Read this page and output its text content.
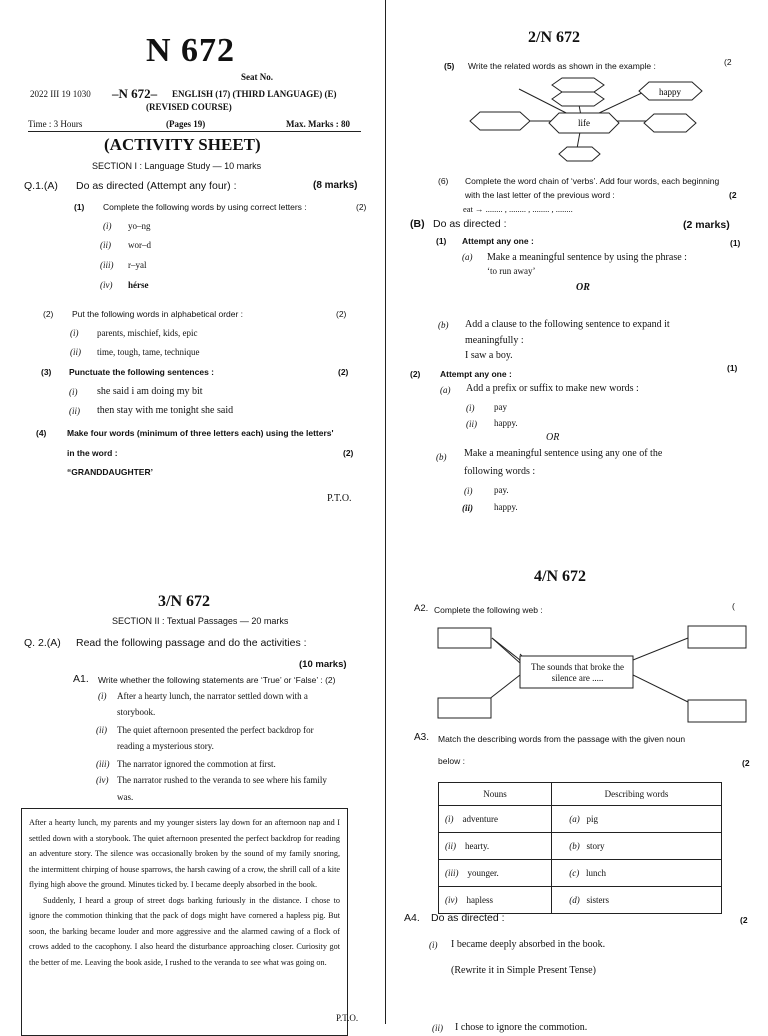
N 672
Seat No.
2022 III 19 1030 –N 672– ENGLISH (17) (THIRD LANGUAGE) (E)
(REVISED COURSE)
Time : 3 Hours	(Pages 19)	Max. Marks : 80
(ACTIVITY SHEET)
SECTION I : Language Study — 10 marks
Q.1.(A) Do as directed (Attempt any four) :	(8 marks)
(1) Complete the following words by using correct letters :	(2)
(i) yo–ng
(ii) wor–d
(iii) r–yal
(iv) hérse
(2) Put the following words in alphabetical order :	(2)
(i) parents, mischief, kids, epic
(ii) time, tough, tame, technique
(3) Punctuate the following sentences :	(2)
(i) she said i am doing my bit
(ii) then stay with me tonight she said
(4) Make four words (minimum of three letters each) using the letters'
in the word :	(2)
“GRANDDAUGHTER’
P.T.O.
2/N 672
(5) Write the related words as shown in the example :	(2
life
happy
(6) Complete the word chain of ‘verbs’. Add four words, each beginning
with the last letter of the previous word :	(2
eat → ........ , ........ , ........ , ........
(B) Do as directed :	(2 marks)
(1) Attempt any one :	(1)
(a) Make a meaningful sentence by using the phrase :
‘to run away’
OR
(b) Add a clause to the following sentence to expand it
meaningfully :
I saw a boy.
(2) Attempt any one :
(1)
(a) Add a prefix or suffix to make new words :
(i) pay
(ii) happy.
OR
(b) Make a meaningful sentence using any one of the
following words :
(i) pay.
(ii) happy.
3/N 672
SECTION II : Textual Passages — 20 marks
Q. 2.(A) Read the following passage and do the activities :
(10 marks)
A1. Write whether the following statements are ‘True’ or ‘False’ : (2)
(i) After a hearty lunch, the narrator settled down with a
storybook.
(ii) The quiet afternoon presented the perfect backdrop for
reading a mysterious story.
(iii) The narrator ignored the commotion at first.
(iv) The narrator rushed to the veranda to see where his family
was.

After a hearty lunch, my parents and my younger sisters lay down for an afternoon nap and I settled down with a storybook. The quiet afternoon presented the perfect backdrop for reading an adventure story. The silence was occasionally broken by the sound of my family snoring, the intermittent chirping of house sparrows, the harsh cawing of a crow, the shrill call of a kite flying high above the ground. Minutes ticked by. I became deeply absorbed in the book.

Suddenly, I heard a group of street dogs barking furiously in the distance. I chose to ignore the commotion thinking that the pack of dogs might have cornered a hapless pig. But soon, the barking became louder and more aggressive and the alarmed cawing of a flock of crows added to the cacophony. I also heard the disturbance approaching closer. Curiosity got the better of me. Leaving the book aside, I rushed to the veranda to see what was going on.

P.T.O.
4/N 672
A2. Complete the following web :	(
The sounds that broke the silence are .....
A3. Match the describing words from the passage with the given noun
below :	(2
Nouns	Describing words
(i) adventure	(a) pig
(ii) hearty.	(b) story
(iii) younger.	(c) lunch
(iv) hapless	(d) sisters
A4. Do as directed :	(2
(i) I became deeply absorbed in the book.
(Rewrite it in Simple Present Tense)
(ii) I chose to ignore the commotion.
